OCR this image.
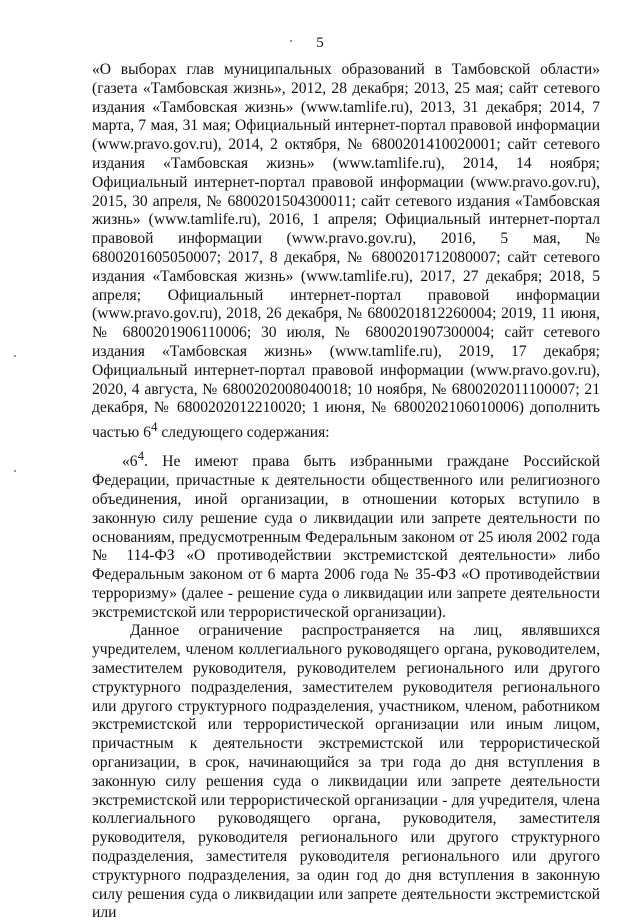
5

«О выборах глав муниципальных образований в Тамбовской области» (газета «Тамбовская жизнь», 2012, 28 декабря; 2013, 25 мая; сайт сетевого издания «Тамбовская жизнь» (www.tamlife.ru), 2013, 31 декабря; 2014, 7 марта, 7 мая, 31 мая; Официальный интернет-портал правовой информации (www.pravo.gov.ru), 2014, 2 октября, № 6800201410020001; сайт сетевого издания «Тамбовская жизнь» (www.tamlife.ru), 2014, 14 ноября; Официальный интернет-портал правовой информации (www.pravo.gov.ru), 2015, 30 апреля, № 6800201504300011; сайт сетевого издания «Тамбовская жизнь» (www.tamlife.ru), 2016, 1 апреля; Официальный интернет-портал правовой информации (www.pravo.gov.ru), 2016, 5 мая, № 6800201605050007; 2017, 8 декабря, № 6800201712080007; сайт сетевого издания «Тамбовская жизнь» (www.tamlife.ru), 2017, 27 декабря; 2018, 5 апреля; Официальный интернет-портал правовой информации (www.pravo.gov.ru), 2018, 26 декабря, № 6800201812260004; 2019, 11 июня, № 6800201906110006; 30 июля, № 6800201907300004; сайт сетевого издания «Тамбовская жизнь» (www.tamlife.ru), 2019, 17 декабря; Официальный интернет-портал правовой информации (www.pravo.gov.ru), 2020, 4 августа, № 6800202008040018; 10 ноября, № 6800202011100007; 21 декабря, № 6800202012210020; 1 июня, № 6800202106010006) дополнить частью $6^4$ следующего содержания:

«$6^4$. Не имеют права быть избранными граждане Российской Федерации, причастные к деятельности общественного или религиозного объединения, иной организации, в отношении которых вступило в законную силу решение суда о ликвидации или запрете деятельности по основаниям, предусмотренным Федеральным законом от 25 июля 2002 года № 114-ФЗ «О противодействии экстремистской деятельности» либо Федеральным законом от 6 марта 2006 года № 35-ФЗ «О противодействии терроризму» (далее - решение суда о ликвидации или запрете деятельности экстремистской или террористической организации).

Данное ограничение распространяется на лиц, являвшихся учредителем, членом коллегиального руководящего органа, руководителем, заместителем руководителя, руководителем регионального или другого структурного подразделения, заместителем руководителя регионального или другого структурного подразделения, участником, членом, работником экстремистской или террористической организации или иным лицом, причастным к деятельности экстремистской или террористической организации, в срок, начинающийся за три года до дня вступления в законную силу решения суда о ликвидации или запрете деятельности экстремистской или террористической организации - для учредителя, члена коллегиального руководящего органа, руководителя, заместителя руководителя, руководителя регионального или другого структурного подразделения, заместителя руководителя регионального или другого структурного подразделения, за один год до дня вступления в законную силу решения суда о ликвидации или запрете деятельности экстремистской или
